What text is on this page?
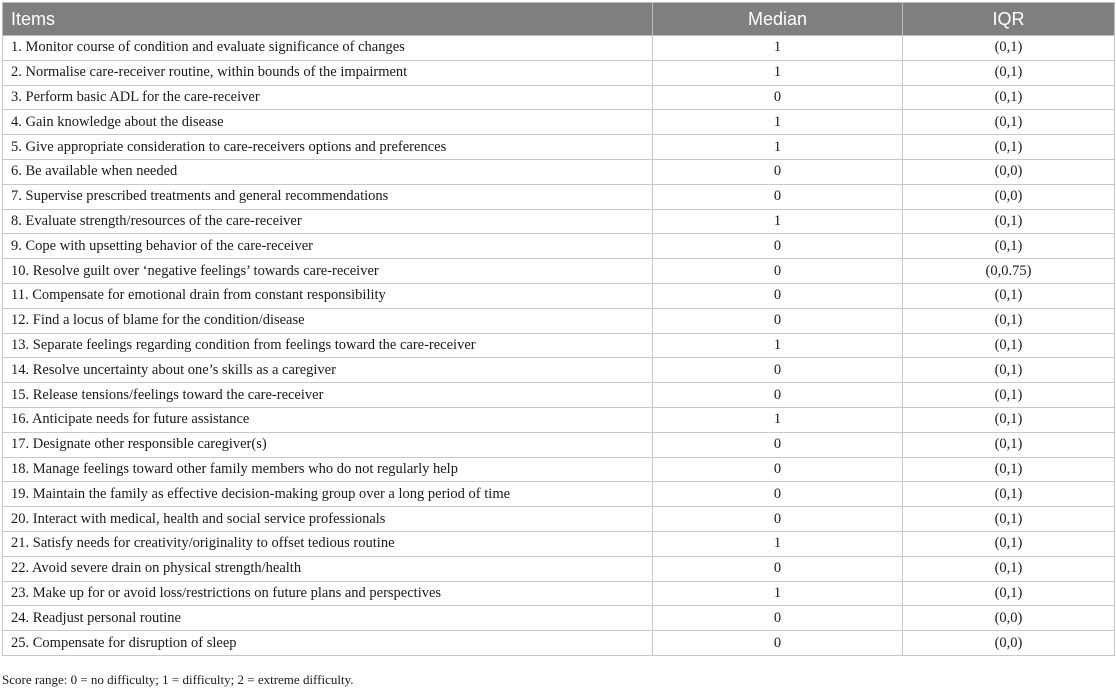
Items	Median	IQR
1. Monitor course of condition and evaluate significance of changes	1	(0,1)
2. Normalise care-receiver routine, within bounds of the impairment	1	(0,1)
3. Perform basic ADL for the care-receiver	0	(0,1)
4. Gain knowledge about the disease	1	(0,1)
5. Give appropriate consideration to care-receivers options and preferences	1	(0,1)
6. Be available when needed	0	(0,0)
7. Supervise prescribed treatments and general recommendations	0	(0,0)
8. Evaluate strength/resources of the care-receiver	1	(0,1)
9. Cope with upsetting behavior of the care-receiver	0	(0,1)
10. Resolve guilt over ‘negative feelings’ towards care-receiver	0	(0,0.75)
11. Compensate for emotional drain from constant responsibility	0	(0,1)
12. Find a locus of blame for the condition/disease	0	(0,1)
13. Separate feelings regarding condition from feelings toward the care-receiver	1	(0,1)
14. Resolve uncertainty about one’s skills as a caregiver	0	(0,1)
15. Release tensions/feelings toward the care-receiver	0	(0,1)
16. Anticipate needs for future assistance	1	(0,1)
17. Designate other responsible caregiver(s)	0	(0,1)
18. Manage feelings toward other family members who do not regularly help	0	(0,1)
19. Maintain the family as effective decision-making group over a long period of time	0	(0,1)
20. Interact with medical, health and social service professionals	0	(0,1)
21. Satisfy needs for creativity/originality to offset tedious routine	1	(0,1)
22. Avoid severe drain on physical strength/health	0	(0,1)
23. Make up for or avoid loss/restrictions on future plans and perspectives	1	(0,1)
24. Readjust personal routine	0	(0,0)
25. Compensate for disruption of sleep	0	(0,0)
Score range: 0 = no difficulty; 1 = difficulty; 2 = extreme difficulty.
